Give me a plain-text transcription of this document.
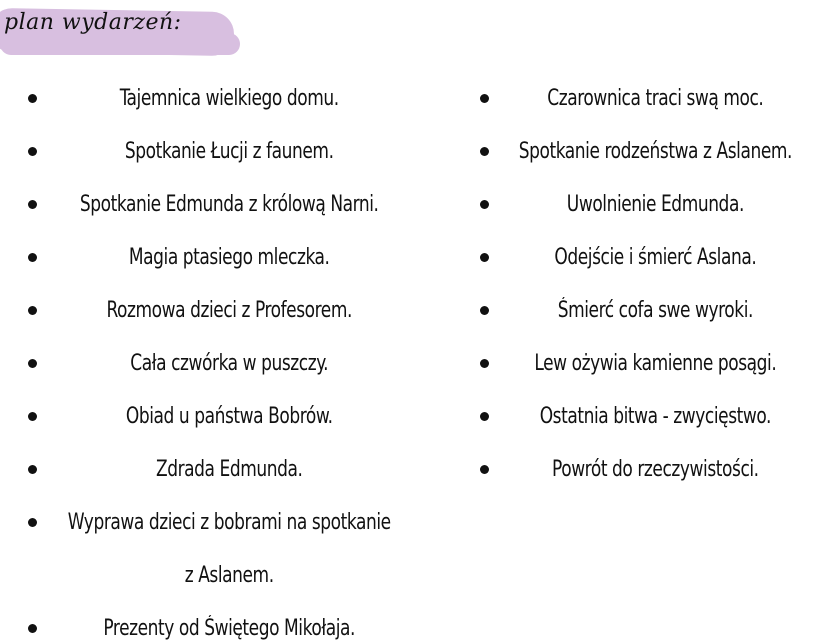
plan wydarzeń:
Tajemnica wielkiego domu.
Spotkanie Łucji z faunem.
Spotkanie Edmunda z królową Narni.
Magia ptasiego mleczka.
Rozmowa dzieci z Profesorem.
Cała czwórka w puszczy.
Obiad u państwa Bobrów.
Zdrada Edmunda.
Wyprawa dzieci z bobrami na spotkanie z Aslanem.
Prezenty od Świętego Mikołaja.
Czarownica traci swą moc.
Spotkanie rodzeństwa z Aslanem.
Uwolnienie Edmunda.
Odejście i śmierć Aslana.
Śmierć cofa swe wyroki.
Lew ożywia kamienne posągi.
Ostatnia bitwa - zwycięstwo.
Powrót do rzeczywistości.
